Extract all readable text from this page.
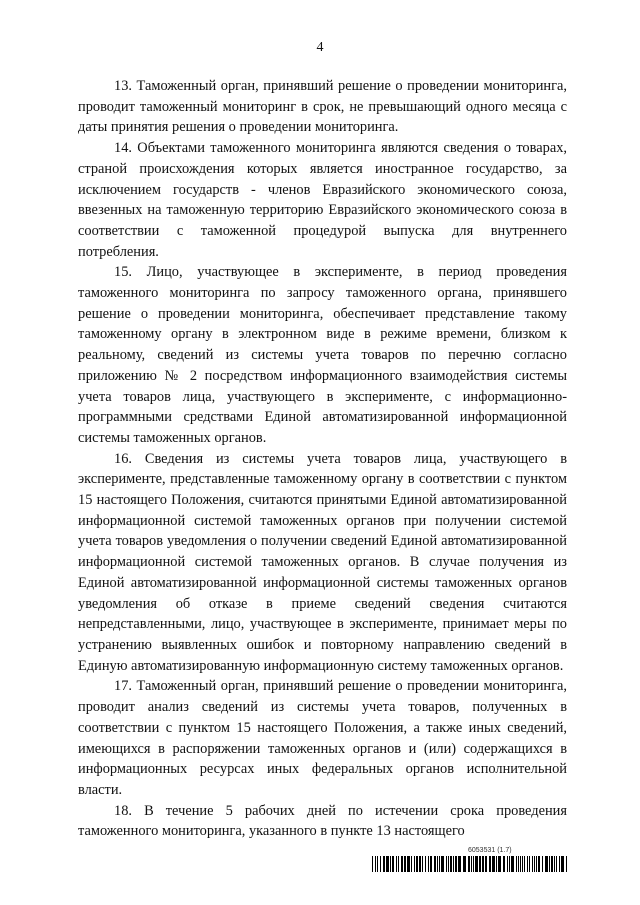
4

13. Таможенный орган, принявший решение о проведении мониторинга, проводит таможенный мониторинг в срок, не превышающий одного месяца с даты принятия решения о проведении мониторинга.

14. Объектами таможенного мониторинга являются сведения о товарах, страной происхождения которых является иностранное государство, за исключением государств - членов Евразийского экономического союза, ввезенных на таможенную территорию Евразийского экономического союза в соответствии с таможенной процедурой выпуска для внутреннего потребления.

15. Лицо, участвующее в эксперименте, в период проведения таможенного мониторинга по запросу таможенного органа, принявшего решение о проведении мониторинга, обеспечивает представление такому таможенному органу в электронном виде в режиме времени, близком к реальному, сведений из системы учета товаров по перечню согласно приложению № 2 посредством информационного взаимодействия системы учета товаров лица, участвующего в эксперименте, с информационно-программными средствами Единой автоматизированной информационной системы таможенных органов.

16. Сведения из системы учета товаров лица, участвующего в эксперименте, представленные таможенному органу в соответствии с пунктом 15 настоящего Положения, считаются принятыми Единой автоматизированной информационной системой таможенных органов при получении системой учета товаров уведомления о получении сведений Единой автоматизированной информационной системой таможенных органов. В случае получения из Единой автоматизированной информационной системы таможенных органов уведомления об отказе в приеме сведений сведения считаются непредставленными, лицо, участвующее в эксперименте, принимает меры по устранению выявленных ошибок и повторному направлению сведений в Единую автоматизированную информационную систему таможенных органов.

17. Таможенный орган, принявший решение о проведении мониторинга, проводит анализ сведений из системы учета товаров, полученных в соответствии с пунктом 15 настоящего Положения, а также иных сведений, имеющихся в распоряжении таможенных органов и (или) содержащихся в информационных ресурсах иных федеральных органов исполнительной власти.

18. В течение 5 рабочих дней по истечении срока проведения таможенного мониторинга, указанного в пункте 13 настоящего

6053531 (1.7)
